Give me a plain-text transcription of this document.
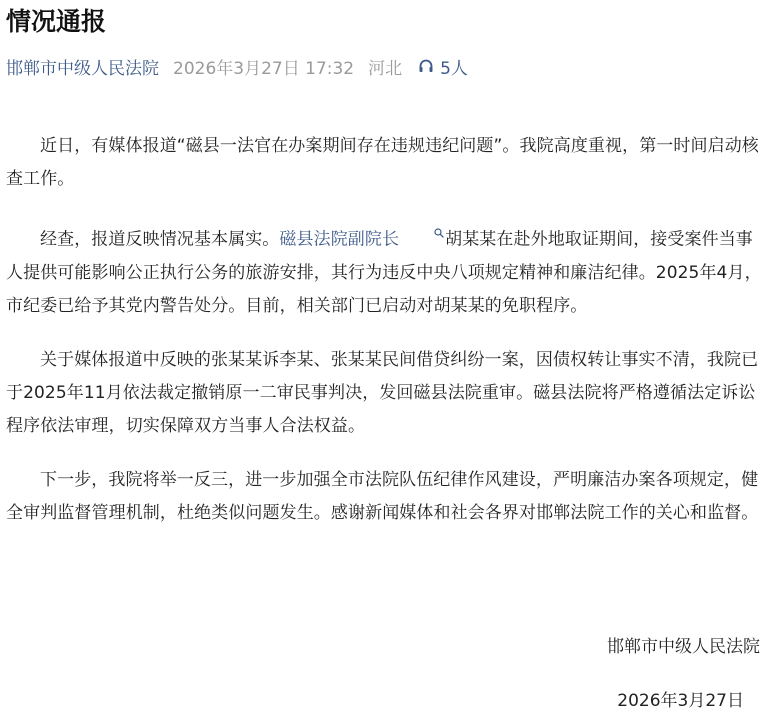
情况通报
邯郸市中级人民法院 2026年3月27日 17:32 河北 5人

近日，有媒体报道“磁县一法官在办案期间存在违规违纪问题”。我院高度重视，第一时间启动核查工作。

经查，报道反映情况基本属实。磁县法院副院长	胡某某在赴外地取证期间，接受案件当事人提供可能影响公正执行公务的旅游安排，其行为违反中央八项规定精神和廉洁纪律。2025年4月，市纪委已给予其党内警告处分。目前，相关部门已启动对胡某某的免职程序。

关于媒体报道中反映的张某某诉李某、张某某民间借贷纠纷一案，因债权转让事实不清，我院已于2025年11月依法裁定撤销原一二审民事判决，发回磁县法院重审。磁县法院将严格遵循法定诉讼程序依法审理，切实保障双方当事人合法权益。

下一步，我院将举一反三，进一步加强全市法院队伍纪律作风建设，严明廉洁办案各项规定，健全审判监督管理机制，杜绝类似问题发生。感谢新闻媒体和社会各界对邯郸法院工作的关心和监督。

邯郸市中级人民法院
2026年3月27日
